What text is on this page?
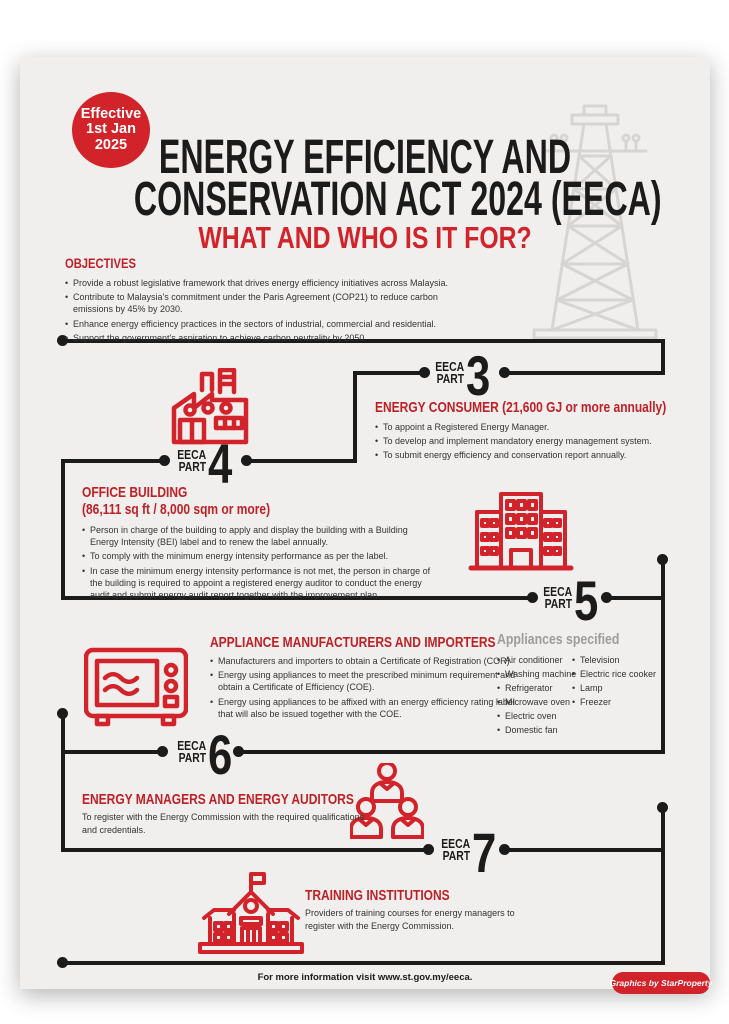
Effective
1st Jan
2025 ENERGY EFFICIENCY AND
CONSERVATION ACT 2024 (EECA)
WHAT AND WHO IS IT FOR?
OBJECTIVES
• Provide a robust legislative framework that drives energy efficiency initiatives across Malaysia.
• Contribute to Malaysia's commitment under the Paris Agreement (COP21) to reduce carbon emissions by 45% by 2030.
• Enhance energy efficiency practices in the sectors of industrial, commercial and residential.
• Support the government's aspiration to achieve carbon neutrality by 2050.
EECA
PART 3
EECA
PART 4
EECA
PART 5
EECA
PART 6
EECA
PART 7
ENERGY CONSUMER (21,600 GJ or more annually)
• To appoint a Registered Energy Manager.
• To develop and implement mandatory energy management system.
• To submit energy efficiency and conservation report annually.
OFFICE BUILDING
(86,111 sq ft / 8,000 sqm or more)
• Person in charge of the building to apply and display the building with a Building Energy Intensity (BEI) label and to renew the label annually.
• To comply with the minimum energy intensity performance as per the label.
• In case the minimum energy intensity performance is not met, the person in charge of the building is required to appoint a registered energy auditor to conduct the energy audit and submit energy audit report together with the improvement plan.
APPLIANCE MANUFACTURERS AND IMPORTERS
• Manufacturers and importers to obtain a Certificate of Registration (COR)
• Energy using appliances to meet the prescribed minimum requirement and obtain a Certificate of Efficiency (COE).
• Energy using appliances to be affixed with an energy efficiency rating label that will also be issued together with the COE.
Appliances specified
• Air conditioner
• Washing machine
• Refrigerator
• Microwave oven
• Electric oven
• Domestic fan
• Television
• Electric rice cooker
• Lamp
• Freezer
ENERGY MANAGERS AND ENERGY AUDITORS
To register with the Energy Commission with the required qualifications and credentials.
TRAINING INSTITUTIONS
Providers of training courses for energy managers to register with the Energy Commission.
For more information visit www.st.gov.my/eeca.	Graphics by StarProperty
